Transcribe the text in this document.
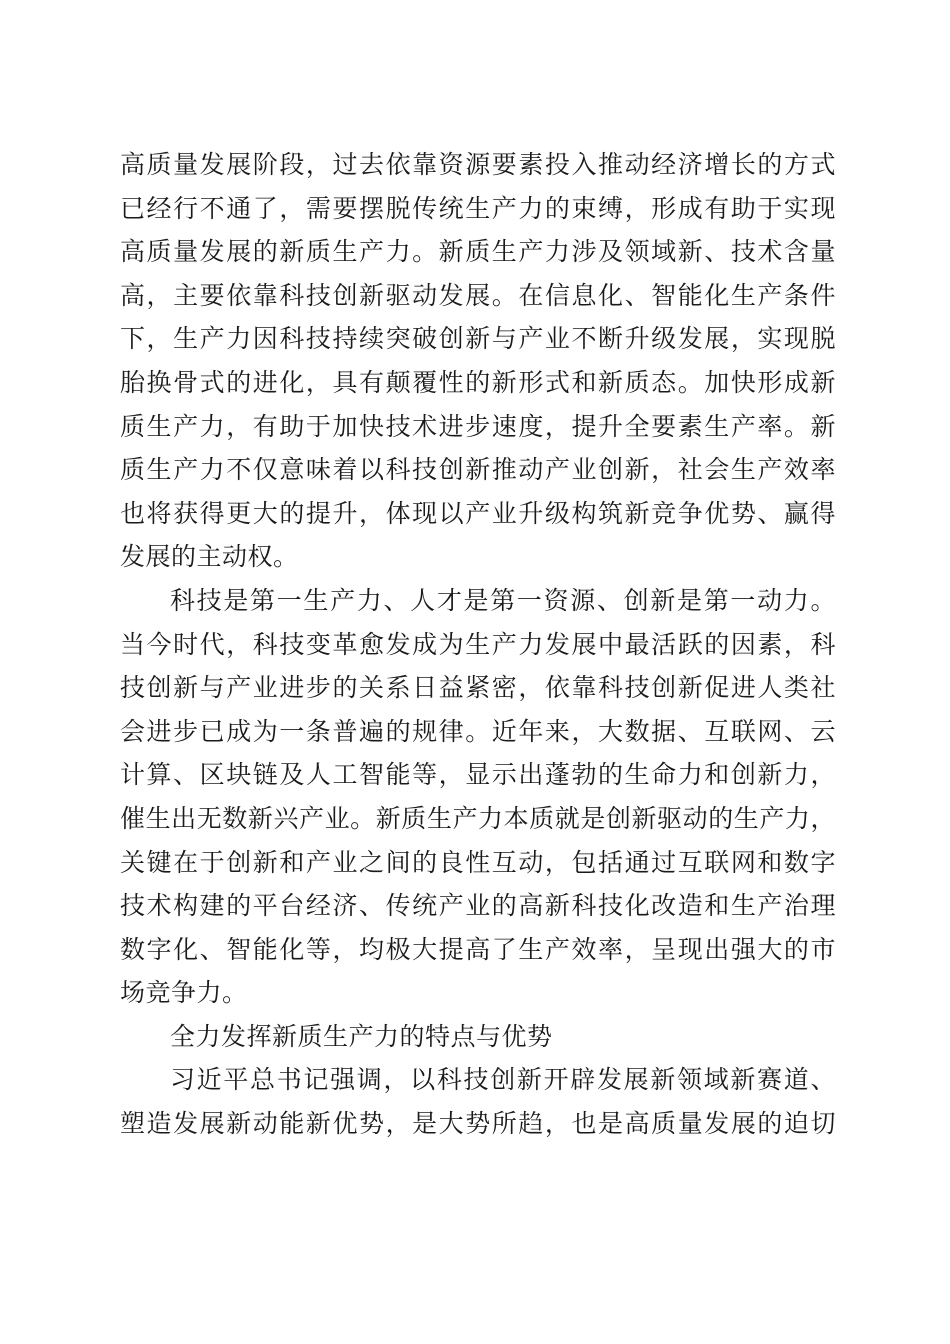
高质量发展阶段，过去依靠资源要素投入推动经济增长的方式
已经行不通了，需要摆脱传统生产力的束缚，形成有助于实现
高质量发展的新质生产力。新质生产力涉及领域新、技术含量
高，主要依靠科技创新驱动发展。在信息化、智能化生产条件
下，生产力因科技持续突破创新与产业不断升级发展，实现脱
胎换骨式的进化，具有颠覆性的新形式和新质态。加快形成新
质生产力，有助于加快技术进步速度，提升全要素生产率。新
质生产力不仅意味着以科技创新推动产业创新，社会生产效率
也将获得更大的提升，体现以产业升级构筑新竞争优势、赢得
发展的主动权。
科技是第一生产力、人才是第一资源、创新是第一动力。
当今时代，科技变革愈发成为生产力发展中最活跃的因素，科
技创新与产业进步的关系日益紧密，依靠科技创新促进人类社
会进步已成为一条普遍的规律。近年来，大数据、互联网、云
计算、区块链及人工智能等，显示出蓬勃的生命力和创新力，
催生出无数新兴产业。新质生产力本质就是创新驱动的生产力，
关键在于创新和产业之间的良性互动，包括通过互联网和数字
技术构建的平台经济、传统产业的高新科技化改造和生产治理
数字化、智能化等，均极大提高了生产效率，呈现出强大的市
场竞争力。
全力发挥新质生产力的特点与优势
习近平总书记强调，以科技创新开辟发展新领域新赛道、
塑造发展新动能新优势，是大势所趋，也是高质量发展的迫切
